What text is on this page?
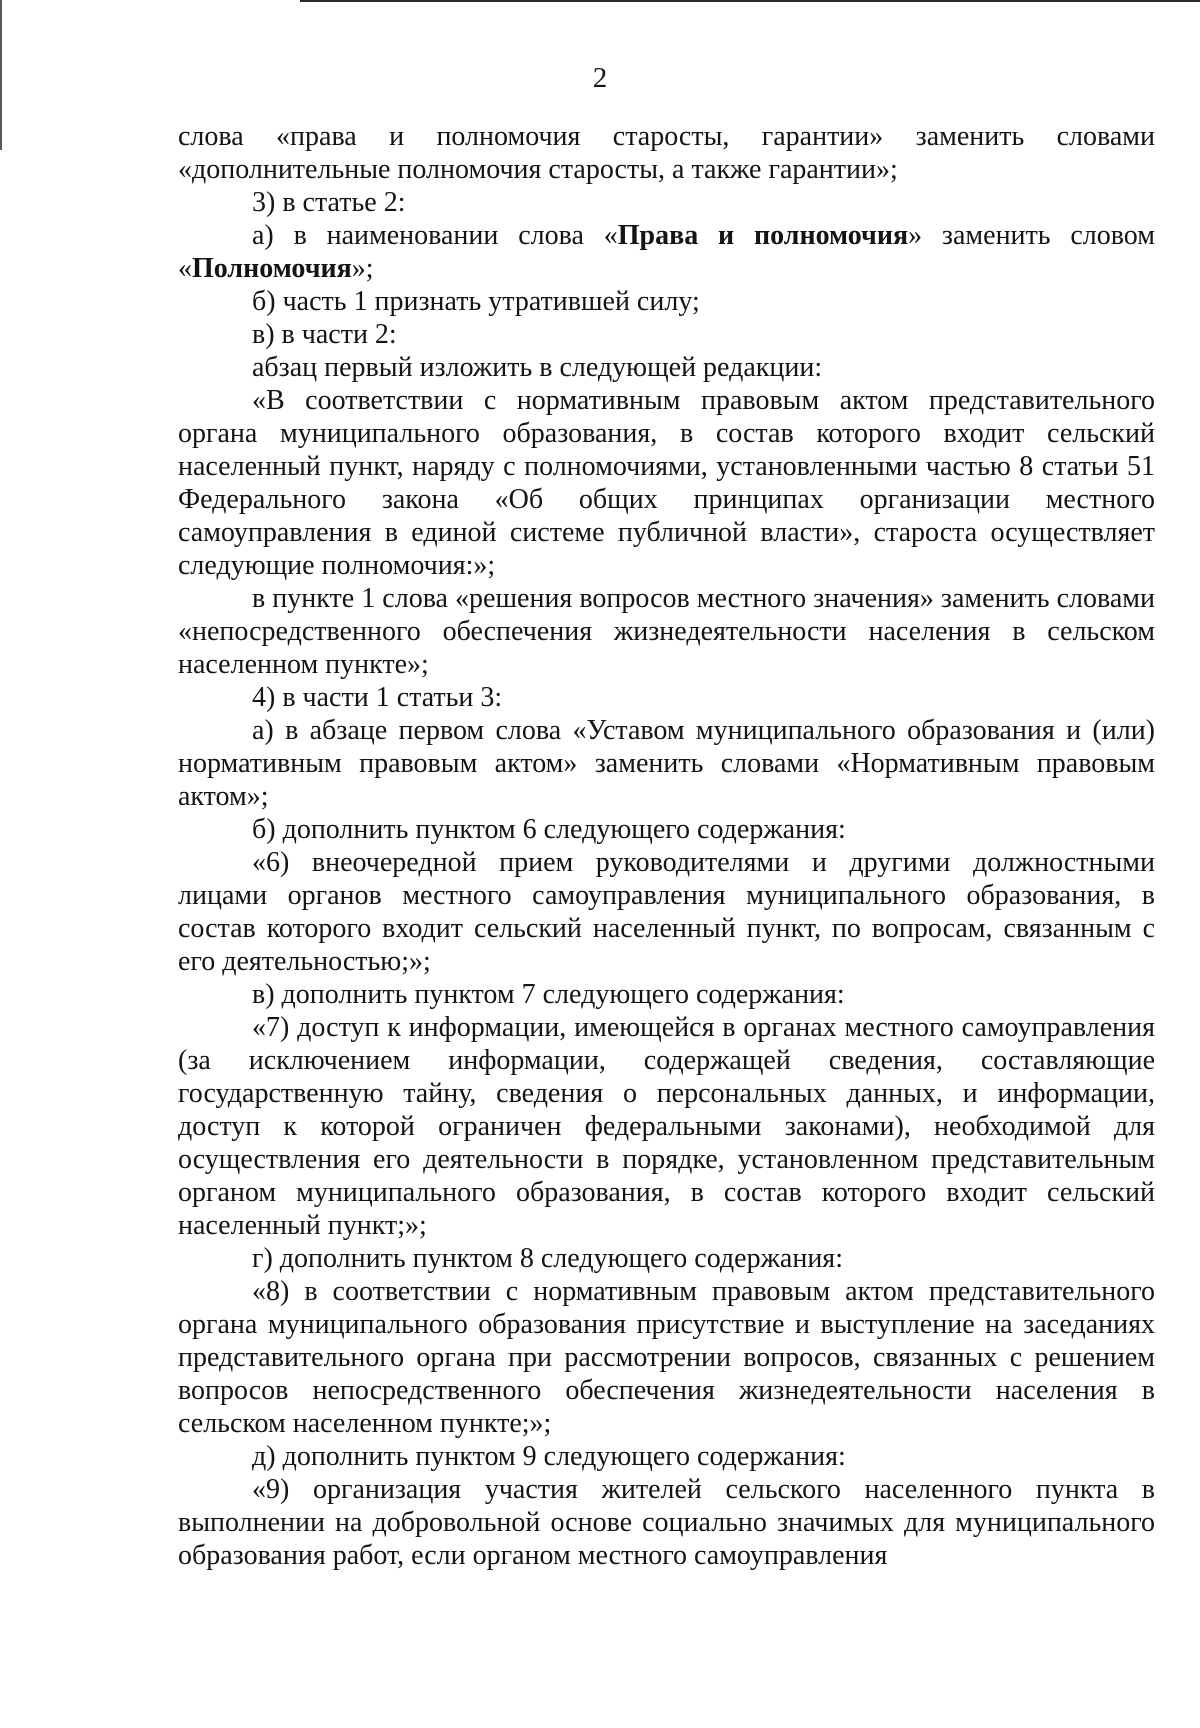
2

слова «права и полномочия старосты, гарантии» заменить словами «дополнительные полномочия старосты, а также гарантии»;

3) в статье 2:

а) в наименовании слова «Права и полномочия» заменить словом «Полномочия»;

б) часть 1 признать утратившей силу;

в) в части 2:

абзац первый изложить в следующей редакции:

«В соответствии с нормативным правовым актом представительного органа муниципального образования, в состав которого входит сельский населенный пункт, наряду с полномочиями, установленными частью 8 статьи 51 Федерального закона «Об общих принципах организации местного самоуправления в единой системе публичной власти», староста осуществляет следующие полномочия:»;

в пункте 1 слова «решения вопросов местного значения» заменить словами «непосредственного обеспечения жизнедеятельности населения в сельском населенном пункте»;

4) в части 1 статьи 3:

а) в абзаце первом слова «Уставом муниципального образования и (или) нормативным правовым актом» заменить словами «Нормативным правовым актом»;

б) дополнить пунктом 6 следующего содержания:

«6) внеочередной прием руководителями и другими должностными лицами органов местного самоуправления муниципального образования, в состав которого входит сельский населенный пункт, по вопросам, связанным с его деятельностью;»;

в) дополнить пунктом 7 следующего содержания:

«7) доступ к информации, имеющейся в органах местного самоуправления (за исключением информации, содержащей сведения, составляющие государственную тайну, сведения о персональных данных, и информации, доступ к которой ограничен федеральными законами), необходимой для осуществления его деятельности в порядке, установленном представительным органом муниципального образования, в состав которого входит сельский населенный пункт;»;

г) дополнить пунктом 8 следующего содержания:

«8) в соответствии с нормативным правовым актом представительного органа муниципального образования присутствие и выступление на заседаниях представительного органа при рассмотрении вопросов, связанных с решением вопросов непосредственного обеспечения жизнедеятельности населения в сельском населенном пункте;»;

д) дополнить пунктом 9 следующего содержания:

«9) организация участия жителей сельского населенного пункта в выполнении на добровольной основе социально значимых для муниципального образования работ, если органом местного самоуправления
